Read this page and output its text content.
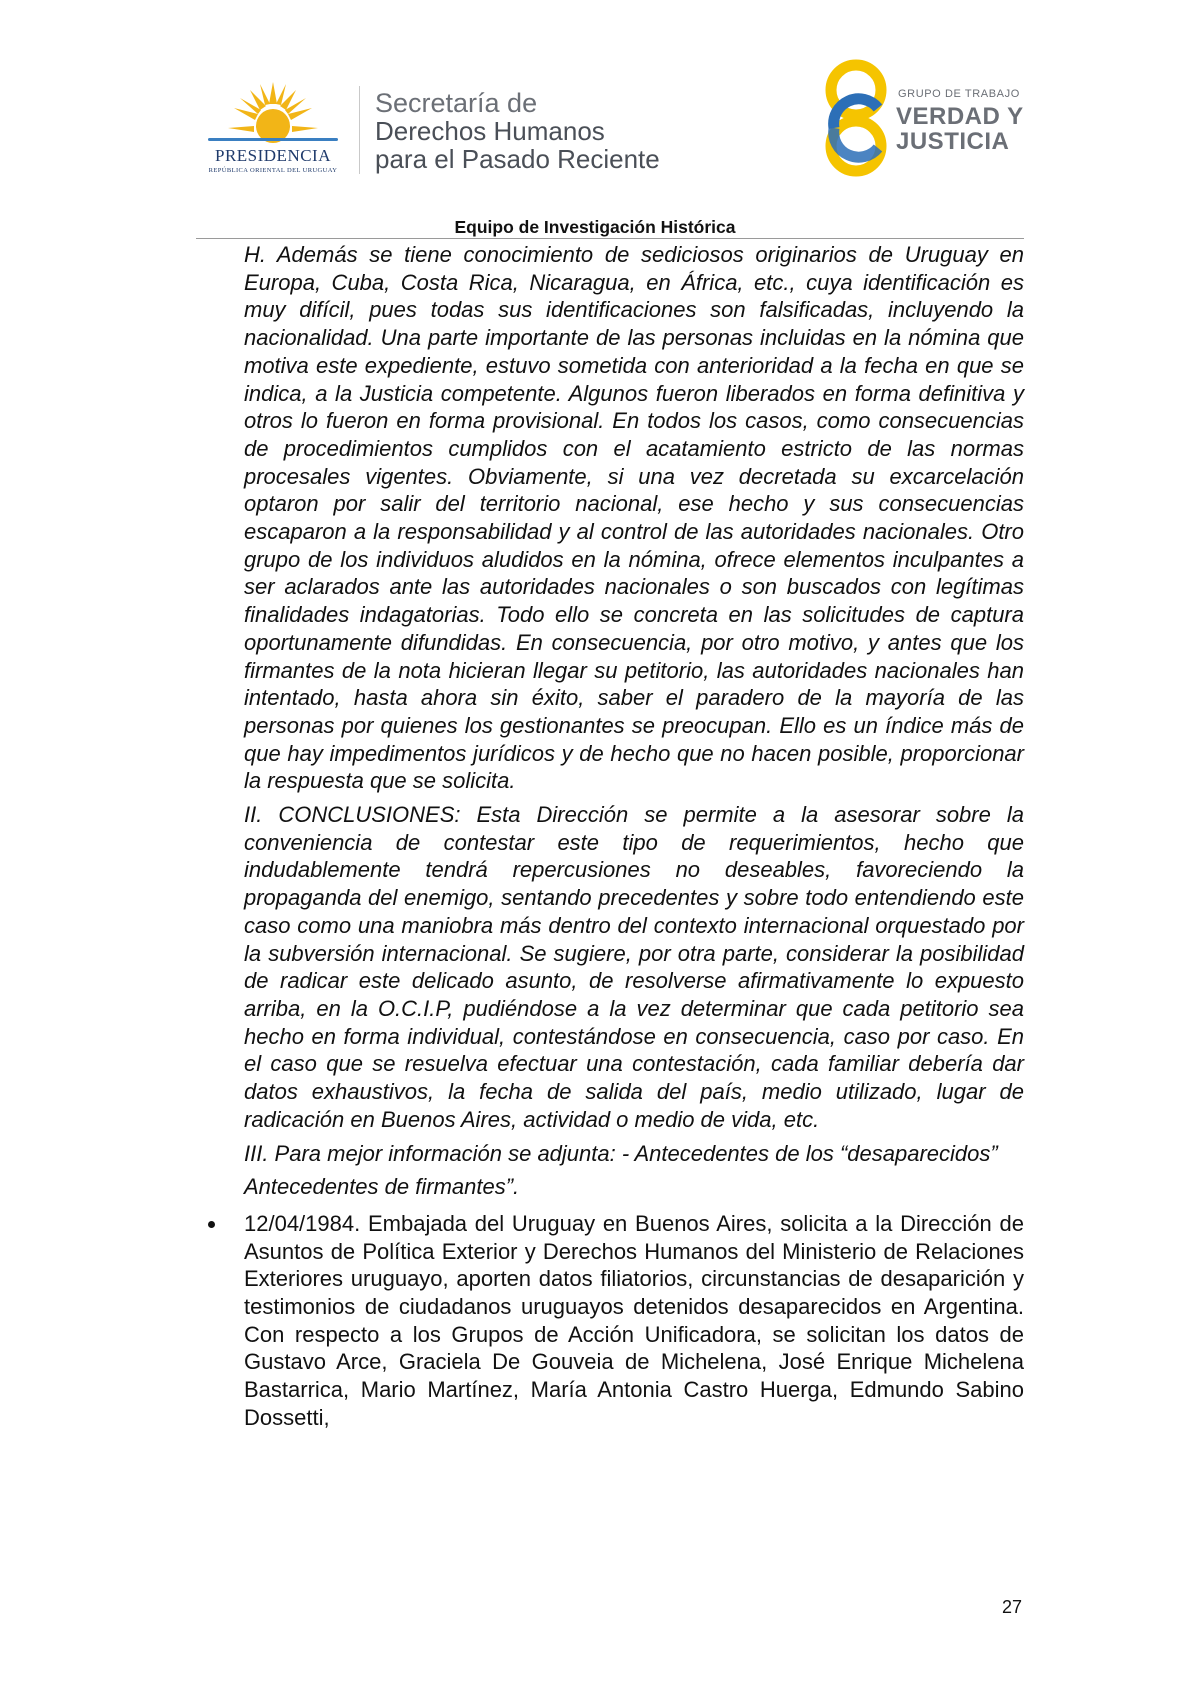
PRESIDENCIA
REPÚBLICA ORIENTAL DEL URUGUAY
Secretaría de
Derechos Humanos
para el Pasado Reciente
GRUPO DE TRABAJO
VERDAD Y
JUSTICIA
Equipo de Investigación Histórica

H. Además se tiene conocimiento de sediciosos originarios de Uruguay en Europa, Cuba, Costa Rica, Nicaragua, en África, etc., cuya identificación es muy difícil, pues todas sus identificaciones son falsificadas, incluyendo la nacionalidad. Una parte importante de las personas incluidas en la nómina que motiva este expediente, estuvo sometida con anterioridad a la fecha en que se indica, a la Justicia competente. Algunos fueron liberados en forma definitiva y otros lo fueron en forma provisional. En todos los casos, como consecuencias de procedimientos cumplidos con el acatamiento estricto de las normas procesales vigentes. Obviamente, si una vez decretada su excarcelación optaron por salir del territorio nacional, ese hecho y sus consecuencias escaparon a la responsabilidad y al control de las autoridades nacionales. Otro grupo de los individuos aludidos en la nómina, ofrece elementos inculpantes a ser aclarados ante las autoridades nacionales o son buscados con legítimas finalidades indagatorias. Todo ello se concreta en las solicitudes de captura oportunamente difundidas. En consecuencia, por otro motivo, y antes que los firmantes de la nota hicieran llegar su petitorio, las autoridades nacionales han intentado, hasta ahora sin éxito, saber el paradero de la mayoría de las personas por quienes los gestionantes se preocupan. Ello es un índice más de que hay impedimentos jurídicos y de hecho que no hacen posible, proporcionar la respuesta que se solicita.

II. CONCLUSIONES: Esta Dirección se permite a la asesorar sobre la conveniencia de contestar este tipo de requerimientos, hecho que indudablemente tendrá repercusiones no deseables, favoreciendo la propaganda del enemigo, sentando precedentes y sobre todo entendiendo este caso como una maniobra más dentro del contexto internacional orquestado por la subversión internacional. Se sugiere, por otra parte, considerar la posibilidad de radicar este delicado asunto, de resolverse afirmativamente lo expuesto arriba, en la O.C.I.P, pudiéndose a la vez determinar que cada petitorio sea hecho en forma individual, contestándose en consecuencia, caso por caso. En el caso que se resuelva efectuar una contestación, cada familiar debería dar datos exhaustivos, la fecha de salida del país, medio utilizado, lugar de radicación en Buenos Aires, actividad o medio de vida, etc.

III. Para mejor información se adjunta: - Antecedentes de los “desaparecidos”

Antecedentes de firmantes”.

12/04/1984. Embajada del Uruguay en Buenos Aires, solicita a la Dirección de Asuntos de Política Exterior y Derechos Humanos del Ministerio de Relaciones Exteriores uruguayo, aporten datos filiatorios, circunstancias de desaparición y testimonios de ciudadanos uruguayos detenidos desaparecidos en Argentina. Con respecto a los Grupos de Acción Unificadora, se solicitan los datos de Gustavo Arce, Graciela De Gouveia de Michelena, José Enrique Michelena Bastarrica, Mario Martínez, María Antonia Castro Huerga, Edmundo Sabino Dossetti,

27
